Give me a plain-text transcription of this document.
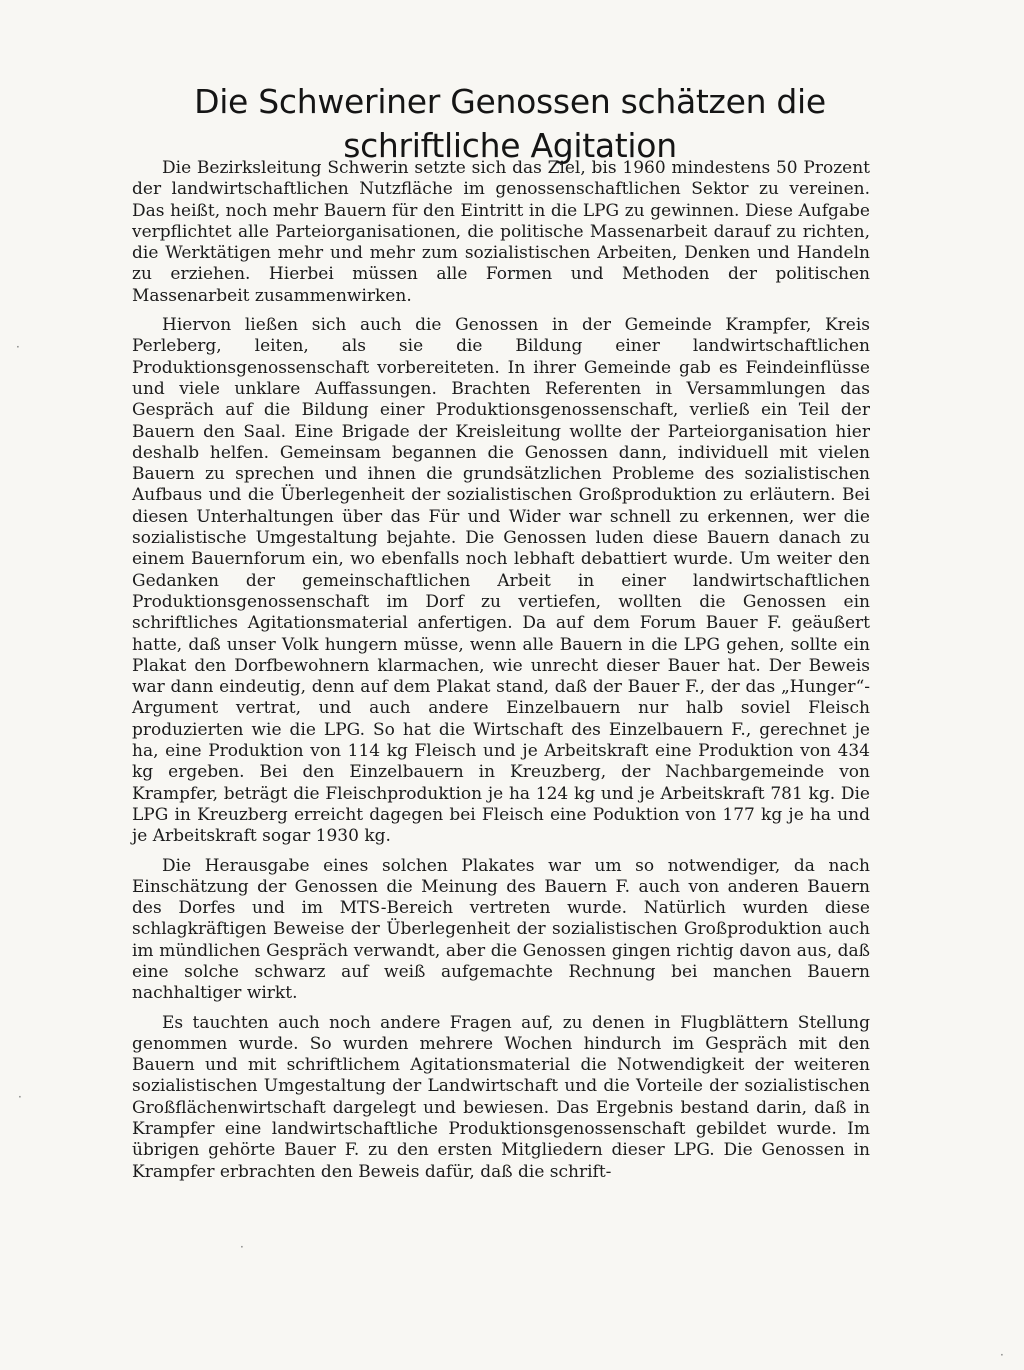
Die Schweriner Genossen schätzen die schriftliche Agitation

Die Bezirksleitung Schwerin setzte sich das Ziel, bis 1960 mindestens 50 Prozent der landwirtschaftlichen Nutzfläche im genossenschaftlichen Sektor zu vereinen. Das heißt, noch mehr Bauern für den Eintritt in die LPG zu gewinnen. Diese Aufgabe verpflichtet alle Parteiorganisationen, die politische Massenarbeit darauf zu richten, die Werktätigen mehr und mehr zum sozialistischen Arbeiten, Denken und Handeln zu erziehen. Hierbei müssen alle Formen und Methoden der politischen Massenarbeit zusammenwirken.

Hiervon ließen sich auch die Genossen in der Gemeinde Krampfer, Kreis Perleberg, leiten, als sie die Bildung einer landwirtschaftlichen Produktionsgenossenschaft vorbereiteten. In ihrer Gemeinde gab es Feindeinflüsse und viele unklare Auffassungen. Brachten Referenten in Versammlungen das Gespräch auf die Bildung einer Produktionsgenossenschaft, verließ ein Teil der Bauern den Saal. Eine Brigade der Kreisleitung wollte der Parteiorganisation hier deshalb helfen. Gemeinsam begannen die Genossen dann, individuell mit vielen Bauern zu sprechen und ihnen die grundsätzlichen Probleme des sozialistischen Aufbaus und die Überlegenheit der sozialistischen Großproduktion zu erläutern. Bei diesen Unterhaltungen über das Für und Wider war schnell zu erkennen, wer die sozialistische Umgestaltung bejahte. Die Genossen luden diese Bauern danach zu einem Bauernforum ein, wo ebenfalls noch lebhaft debattiert wurde. Um weiter den Gedanken der gemeinschaftlichen Arbeit in einer landwirtschaftlichen Produktionsgenossenschaft im Dorf zu vertiefen, wollten die Genossen ein schriftliches Agitationsmaterial anfertigen. Da auf dem Forum Bauer F. geäußert hatte, daß unser Volk hungern müsse, wenn alle Bauern in die LPG gehen, sollte ein Plakat den Dorfbewohnern klarmachen, wie unrecht dieser Bauer hat. Der Beweis war dann eindeutig, denn auf dem Plakat stand, daß der Bauer F., der das „Hunger“-Argument vertrat, und auch andere Einzelbauern nur halb soviel Fleisch produzierten wie die LPG. So hat die Wirtschaft des Einzelbauern F., gerechnet je ha, eine Produktion von 114 kg Fleisch und je Arbeitskraft eine Produktion von 434 kg ergeben. Bei den Einzelbauern in Kreuzberg, der Nachbargemeinde von Krampfer, beträgt die Fleischproduktion je ha 124 kg und je Arbeitskraft 781 kg. Die LPG in Kreuzberg erreicht dagegen bei Fleisch eine Poduktion von 177 kg je ha und je Arbeitskraft sogar 1930 kg.

Die Herausgabe eines solchen Plakates war um so notwendiger, da nach Einschätzung der Genossen die Meinung des Bauern F. auch von anderen Bauern des Dorfes und im MTS-Bereich vertreten wurde. Natürlich wurden diese schlagkräftigen Beweise der Überlegenheit der sozialistischen Großproduktion auch im mündlichen Gespräch verwandt, aber die Genossen gingen richtig davon aus, daß eine solche schwarz auf weiß aufgemachte Rechnung bei manchen Bauern nachhaltiger wirkt.

Es tauchten auch noch andere Fragen auf, zu denen in Flugblättern Stellung genommen wurde. So wurden mehrere Wochen hindurch im Gespräch mit den Bauern und mit schriftlichem Agitationsmaterial die Notwendigkeit der weiteren sozialistischen Umgestaltung der Landwirtschaft und die Vorteile der sozialistischen Großflächenwirtschaft dargelegt und bewiesen. Das Ergebnis bestand darin, daß in Krampfer eine landwirtschaftliche Produktionsgenossenschaft gebildet wurde. Im übrigen gehörte Bauer F. zu den ersten Mitgliedern dieser LPG. Die Genossen in Krampfer erbrachten den Beweis dafür, daß die schrift-

·
·
·
·
